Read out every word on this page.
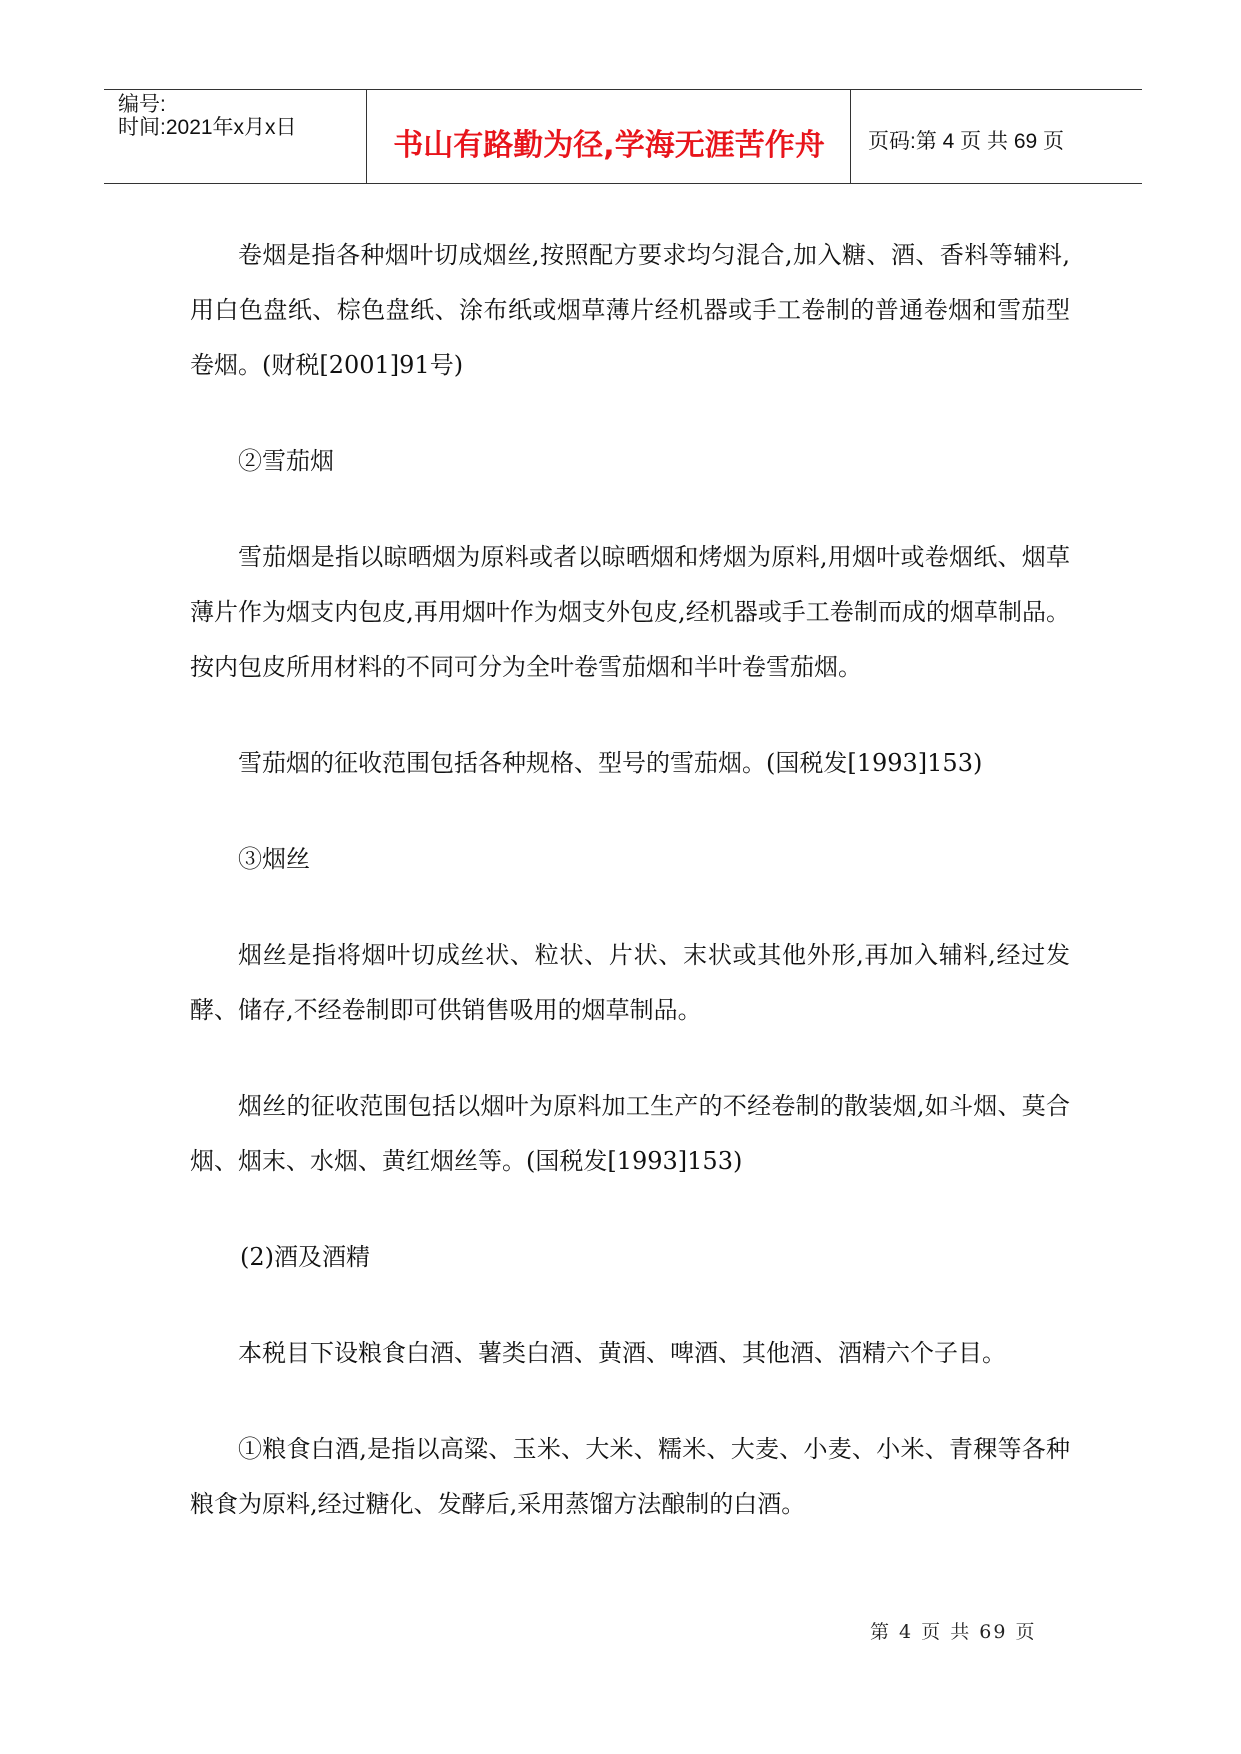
编号:
时间:2021年x月x日
书山有路勤为径,学海无涯苦作舟	页码:第 4 页 共 69 页

卷烟是指各种烟叶切成烟丝,按照配方要求均匀混合,加入糖、酒、香料等辅料,用白色盘纸、棕色盘纸、涂布纸或烟草薄片经机器或手工卷制的普通卷烟和雪茄型卷烟。(财税[2001]91号)

②雪茄烟

雪茄烟是指以晾晒烟为原料或者以晾晒烟和烤烟为原料,用烟叶或卷烟纸、烟草薄片作为烟支内包皮,再用烟叶作为烟支外包皮,经机器或手工卷制而成的烟草制品。按内包皮所用材料的不同可分为全叶卷雪茄烟和半叶卷雪茄烟。

雪茄烟的征收范围包括各种规格、型号的雪茄烟。(国税发[1993]153)

③烟丝

烟丝是指将烟叶切成丝状、粒状、片状、末状或其他外形,再加入辅料,经过发酵、储存,不经卷制即可供销售吸用的烟草制品。

烟丝的征收范围包括以烟叶为原料加工生产的不经卷制的散装烟,如斗烟、莫合烟、烟末、水烟、黄红烟丝等。(国税发[1993]153)

(2)酒及酒精

本税目下设粮食白酒、薯类白酒、黄酒、啤酒、其他酒、酒精六个子目。

①粮食白酒,是指以高粱、玉米、大米、糯米、大麦、小麦、小米、青稞等各种粮食为原料,经过糖化、发酵后,采用蒸馏方法酿制的白酒。

第 4 页 共 69 页
